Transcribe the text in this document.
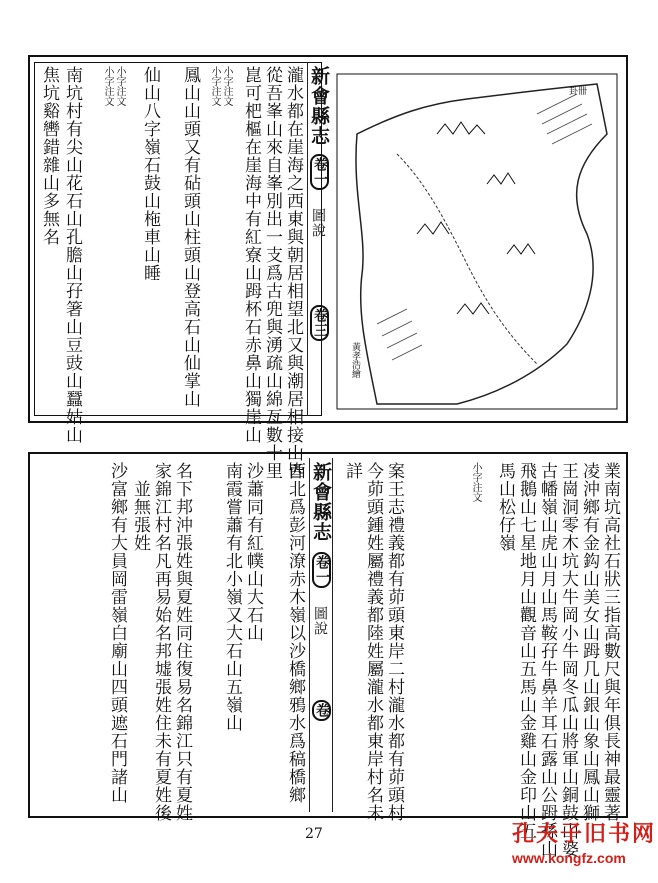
新會縣志
卷一
圖說
卷三
瀧水都在崖海之西東與朝居相望北又與潮居相接山皆
從吾峯山來自峯別出一支爲古兜與湧疏山綿亙數十里
崑可杷樞在崖海中有紅寮山𧿹杯石赤鼻山獨崖山
小字注文
小字注文
鳳山山頭又有砧頭山柱頭山登高石山仙掌山
仙山八字嶺石鼓山柂車山睡
小字注文
小字注文
南坑村有尖山花石山孔膽山孖箸山豆豉山蠶姑山
焦坑谿轡錯雜山多無名	卦卌
黃孝浩繪
新會縣志
卷一
圖說
卷	業南坑高社石狀三指高數尺與年俱長神最靈著
凌沖鄉有金鈎山美女山𧿹几山銀山象山鳳山獅
王崗洞零木坑大牛岡小牛岡冬瓜山將軍山銅鼓山婆
古幡嶺山虎山月山馬鞍孖牛鼻羊耳石露山公𧿹孫山
飛鵝山七星地月山觀音山五馬山金雞山金印山五
馬山松仔嶺
小字注文
案王志禮義都有茆頭東岸二村瀧水都有茆頭村
今茆頭鍾姓屬禮義都陸姓屬瀧水都東岸村名未
詳
西北爲彭河潦赤木嶺以沙橋鄉鴉水爲稿橋鄉
沙蕭同有紅幞山大石山
南霞嘗蕭有北小嶺又大石山五嶺山
名下邦沖張姓與夏姓同住復易名錦江只有夏姓
家錦江村名凡再易始名邦墟張姓住未有夏姓後
並無張姓
沙富鄉有大員岡雷嶺白廟山四頭遮石門諸山
27	孔夫子旧书网
www.kongfz.com
